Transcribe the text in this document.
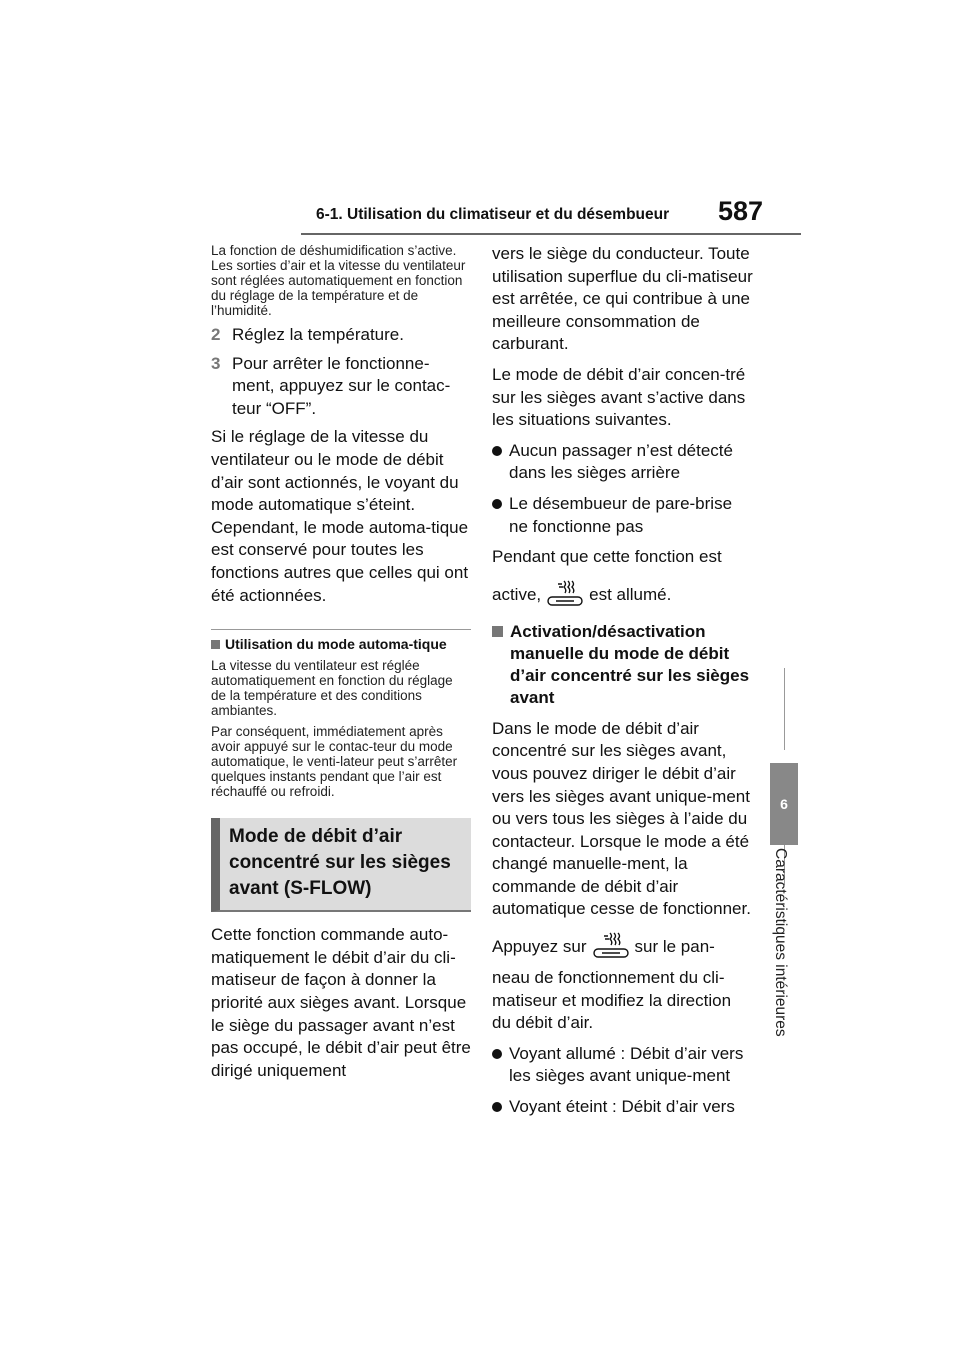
6-1. Utilisation du climatiseur et du désembueur 587
6
Caractéristiques intérieures

La fonction de déshumidification s’active. Les sorties d’air et la vitesse du ventilateur sont réglées automatiquement en fonction du réglage de la température et de l’humidité.

2 Réglez la température.
3 Pour arrêter le fonctionne-ment, appuyez sur le contac-teur “OFF”.

Si le réglage de la vitesse du ventilateur ou le mode de débit d’air sont actionnés, le voyant du mode automatique s’éteint. Cependant, le mode automa-tique est conservé pour toutes les fonctions autres que celles qui ont été actionnées.

Utilisation du mode automa-tique

La vitesse du ventilateur est réglée automatiquement en fonction du réglage de la température et des conditions ambiantes.

Par conséquent, immédiatement après avoir appuyé sur le contac-teur du mode automatique, le venti-lateur peut s’arrêter quelques instants pendant que l’air est réchauffé ou refroidi.

Mode de débit d’air concentré sur les sièges avant (S-FLOW)

Cette fonction commande auto-matiquement le débit d’air du cli-matiseur de façon à donner la priorité aux sièges avant. Lorsque le siège du passager avant n’est pas occupé, le débit d’air peut être dirigé uniquement

vers le siège du conducteur. Toute utilisation superflue du cli-matiseur est arrêtée, ce qui contribue à une meilleure consommation de carburant.

Le mode de débit d’air concen-tré sur les sièges avant s’active dans les situations suivantes.

Aucun passager n’est détecté dans les sièges arrière
Le désembueur de pare-brise ne fonctionne pas

Pendant que cette fonction est

active,	est allumé.
Activation/désactivation manuelle du mode de débit d’air concentré sur les sièges avant

Dans le mode de débit d’air concentré sur les sièges avant, vous pouvez diriger le débit d’air vers les sièges avant unique-ment ou vers tous les sièges à l’aide du contacteur. Lorsque le mode a été changé manuelle-ment, la commande de débit d’air automatique cesse de fonctionner.

Appuyez sur	sur le pan-

neau de fonctionnement du cli-matiseur et modifiez la direction du débit d’air.

Voyant allumé : Débit d’air vers les sièges avant unique-ment
Voyant éteint : Débit d’air vers
